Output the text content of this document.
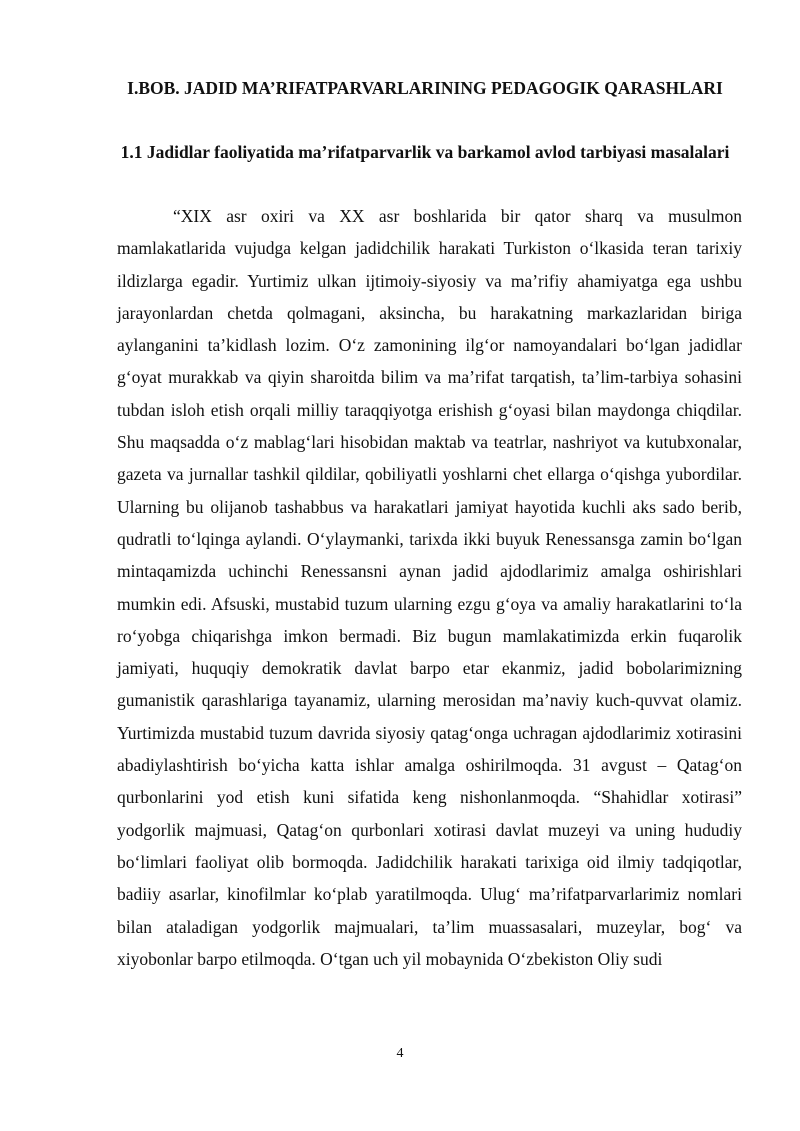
I.BOB. JADID MA’RIFATPARVARLARINING PEDAGOGIK QARASHLARI
1.1 Jadidlar faoliyatida ma’rifatparvarlik va barkamol avlod tarbiyasi masalalari

“XIX asr oxiri va XX asr boshlarida bir qator sharq va musulmon mamlakatlarida vujudga kelgan jadidchilik harakati Turkiston o‘lkasida teran tarixiy ildizlarga egadir. Yurtimiz ulkan ijtimoiy-siyosiy va ma’rifiy ahamiyatga ega ushbu jarayonlardan chetda qolmagani, aksincha, bu harakatning markazlaridan biriga aylanganini ta’kidlash lozim. O‘z zamonining ilg‘or namoyandalari bo‘lgan jadidlar g‘oyat murakkab va qiyin sharoitda bilim va ma’rifat tarqatish, ta’lim-tarbiya sohasini tubdan isloh etish orqali milliy taraqqiyotga erishish g‘oyasi bilan maydonga chiqdilar. Shu maqsadda o‘z mablag‘lari hisobidan maktab va teatrlar, nashriyot va kutubxonalar, gazeta va jurnallar tashkil qildilar, qobiliyatli yoshlarni chet ellarga o‘qishga yubordilar. Ularning bu olijanob tashabbus va harakatlari jamiyat hayotida kuchli aks sado berib, qudratli to‘lqinga aylandi. O‘ylaymanki, tarixda ikki buyuk Renessansga zamin bo‘lgan mintaqamizda uchinchi Renessansni aynan jadid ajdodlarimiz amalga oshirishlari mumkin edi. Afsuski, mustabid tuzum ularning ezgu g‘oya va amaliy harakatlarini to‘la ro‘yobga chiqarishga imkon bermadi. Biz bugun mamlakatimizda erkin fuqarolik jamiyati, huquqiy demokratik davlat barpo etar ekanmiz, jadid bobolarimizning gumanistik qarashlariga tayanamiz, ularning merosidan ma’naviy kuch-quvvat olamiz. Yurtimizda mustabid tuzum davrida siyosiy qatag‘onga uchragan ajdodlarimiz xotirasini abadiylashtirish bo‘yicha katta ishlar amalga oshirilmoqda. 31 avgust – Qatag‘on qurbonlarini yod etish kuni sifatida keng nishonlanmoqda. “Shahidlar xotirasi” yodgorlik majmuasi, Qatag‘on qurbonlari xotirasi davlat muzeyi va uning hududiy bo‘limlari faoliyat olib bormoqda. Jadidchilik harakati tarixiga oid ilmiy tadqiqotlar, badiiy asarlar, kinofilmlar ko‘plab yaratilmoqda. Ulug‘ ma’rifatparvarlarimiz nomlari bilan ataladigan yodgorlik majmualari, ta’lim muassasalari, muzeylar, bog‘ va xiyobonlar barpo etilmoqda. O‘tgan uch yil mobaynida O‘zbekiston Oliy sudi

4
